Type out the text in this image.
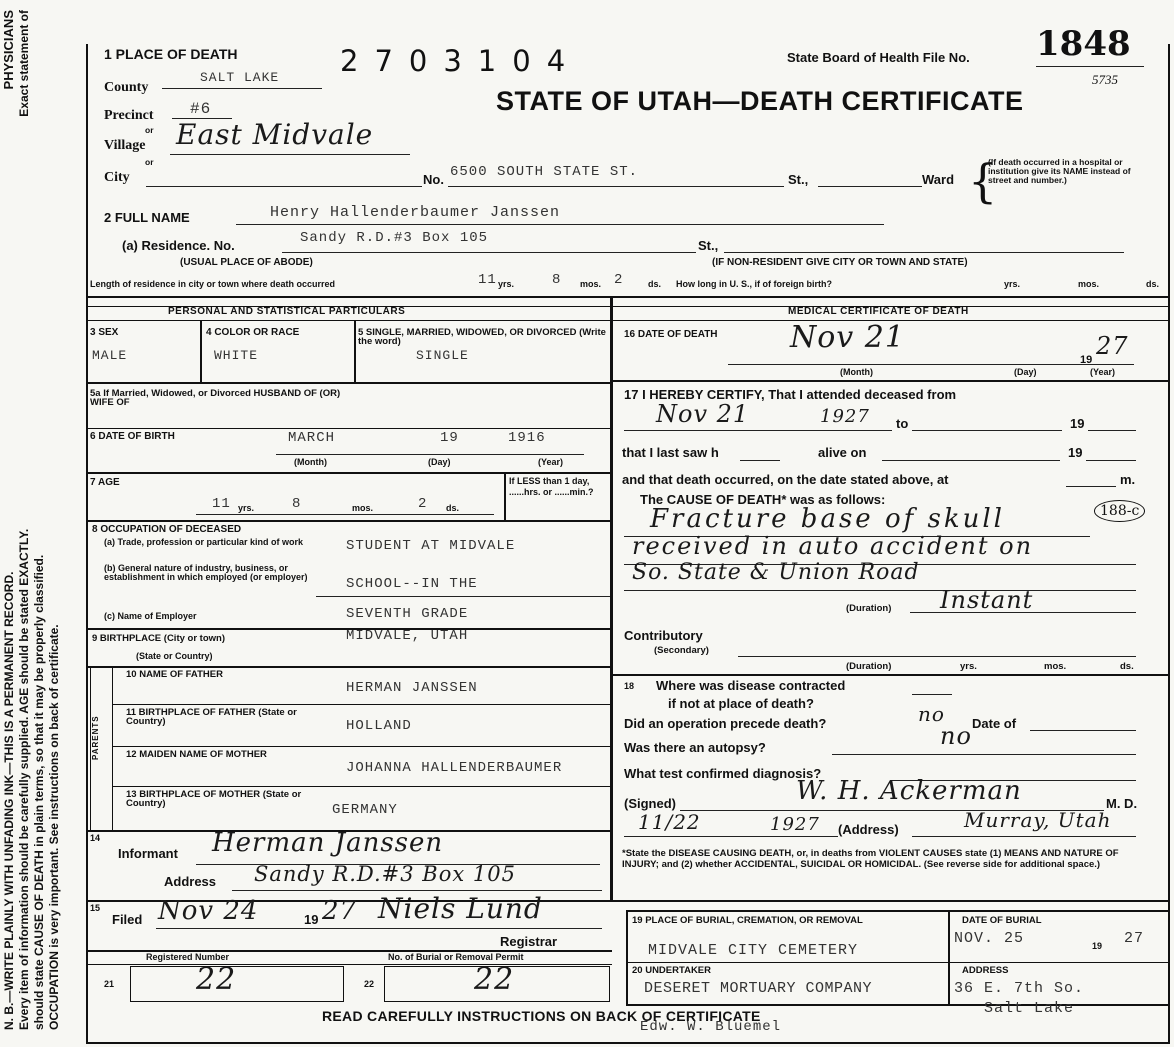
N. B.—WRITE PLAINLY WITH UNFADING INK—THIS IS A PERMANENT RECORD.
PHYSICIANS
Every item of information should be carefully supplied. AGE should be stated EXACTLY.
Exact statement of
should state CAUSE OF DEATH in plain terms, so that it may be properly classified. OCCUPATION is very important. See instructions on back of certificate.
1 PLACE OF DEATH	2703104	State Board of Health File No. 1848
5735
STATE OF UTAH—DEATH CERTIFICATE
County
SALT LAKE
Precinct #6
or
Village East Midvale
or
City	No. 6500 SOUTH STATE ST.	St.,	Ward {
(If death occurred in a hospital or institution give its NAME instead of street and number.)
2 FULL NAME	Henry Hallenderbaumer Janssen
(a) Residence. No.	Sandy R.D.#3 Box 105	St.,
(USUAL PLACE OF ABODE)	(IF NON-RESIDENT GIVE CITY OR TOWN AND STATE)
Length of residence in city or town where death occurred	11 yrs.	8 mos. 2	ds. How long in U. S., if of foreign birth?	yrs.	mos.	ds.
PERSONAL AND STATISTICAL PARTICULARS	MEDICAL CERTIFICATE OF DEATH
3 SEX
MALE
4 COLOR OR RACE
WHITE
5 SINGLE, MARRIED, WIDOWED, OR DIVORCED (Write the word)
SINGLE
5a If Married, Widowed, or Divorced HUSBAND OF (OR) WIFE OF
6 DATE OF BIRTH	MARCH	19	1916
(Month)	(Day)	(Year)
7 AGE
11 yrs.	8	mos.	2 ds.
If LESS than 1 day, ......hrs. or ......min.?
8 OCCUPATION OF DECEASED
(a) Trade, profession or particular kind of work	STUDENT AT MIDVALE
(b) General nature of industry, business, or establishment in which employed (or employer)	SCHOOL--IN THE
(c) Name of Employer	SEVENTH GRADE
9 BIRTHPLACE (City or town)	MIDVALE, UTAH
(State or Country)
PARENTS
10 NAME OF FATHER
HERMAN JANSSEN
11 BIRTHPLACE OF FATHER (State or Country)	HOLLAND
12 MAIDEN NAME OF MOTHER
JOHANNA HALLENDERBAUMER
13 BIRTHPLACE OF MOTHER (State or Country)	GERMANY
14
Informant Herman Janssen
Address Sandy R.D.#3 Box 105
15
Filed Nov 24	19 27 Niels Lund
Registrar
Registered Number	No. of Burial or Removal Permit
21	22	22	22
16 DATE OF DEATH Nov 21
19 27
(Month)	(Day)	(Year)
17 I HEREBY CERTIFY, That I attended deceased from
Nov 21	1927 to	19
that I last saw h	alive on	19
and that death occurred, on the date stated above, at	m.
The CAUSE OF DEATH* was as follows:
188-c
Fracture base of skull
received in auto accident on
So. State & Union Road
(Duration) Instant
Contributory
(Secondary)
(Duration)	yrs.	mos.	ds.
18 Where was disease contracted
if not at place of death?
Did an operation precede death?	no Date of
Was there an autopsy?	no
What test confirmed diagnosis?
(Signed)	W. H. Ackerman	M. D.
11/22	1927 (Address)	Murray, Utah
*State the DISEASE CAUSING DEATH, or, in deaths from VIOLENT CAUSES state (1) MEANS AND NATURE OF INJURY; and (2) whether ACCIDENTAL, SUICIDAL OR HOMICIDAL. (See reverse side for additional space.)
19 PLACE OF BURIAL, CREMATION, OR REMOVAL
MIDVALE CITY CEMETERY
DATE OF BURIAL
NOV. 25	19 27
20 UNDERTAKER
DESERET MORTUARY COMPANY
ADDRESS
36 E. 7th So.
Salt Lake
Edw. W. Bluemel
READ CAREFULLY INSTRUCTIONS ON BACK OF CERTIFICATE
